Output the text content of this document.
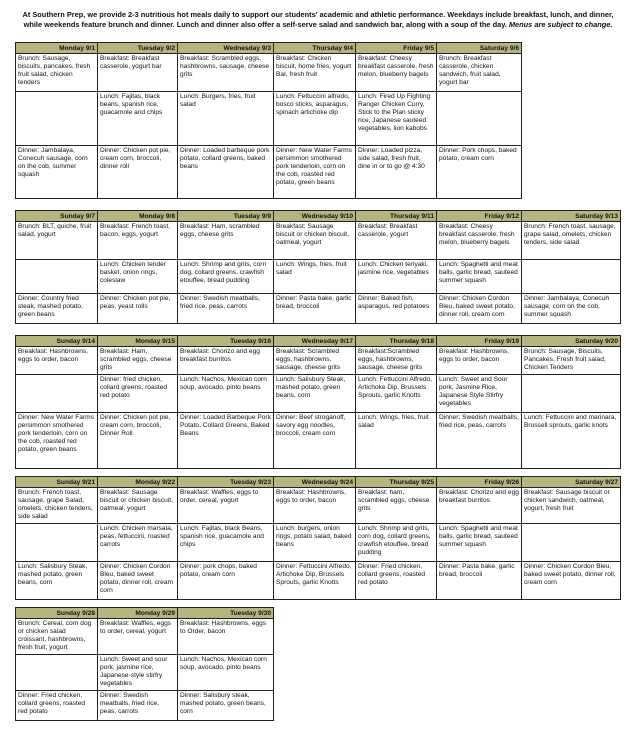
At Southern Prep, we provide 2-3 nutritious hot meals daily to support our students' academic and athletic performance. Weekdays include breakfast, lunch, and dinner, while weekends feature brunch and dinner. Lunch and dinner also offer a self-serve salad and sandwich bar, along with a soup of the day. Menus are subject to change.
Monday 9/1	Tuesday 9/2	Wednesday 9/3	Thursday 9/4	Friday 9/5	Saturday 9/6
Brunch: Sausage, biscuits, pancakes, fresh fruit salad, chicken tenders	Breakfast: Breakfast casserole, yogurt bar	Breakfast: Scrambled eggs, hashbrowns, sausage, cheese grits	Breakfast: Chicken biscuit, home fries, yogurt Bar, fresh fruit	Breakfast: Cheesy breakfast casserole, fresh melon, blueberry bagels	Brunch: Breakfast casserole, chicken sandwich, fruit salad, yogurt bar
	Lunch: Fajitas, black beans, spanish rice, guacamole and chips	Lunch: Burgers, fries, fruit salad	Lunch: Fettuccini alfredo, bosco sticks, asparagus, spinach artichoke dip	Lunch: Fired Up Fighting Ranger Chicken Curry, Stick to the Plan sticky rice, Japanese sauteed vegetables, lion kabobs	
Dinner: Jambalaya, Conecuh sausage, corn on the cob, summer squash	Dinner: Chicken pot pie, cream corn, broccoli, dinner roll	Dinner: Loaded barbeque pork potato, collard greens, baked beans	Dinner: New Water Farms persimmon smothered pork tenderloin, corn on the cob, roasted red potato, green beans	Dinner: Loaded pizza, side salad, fresh fruit, dine in or to go @ 4:30	Dinner: Pork chops, baked potato, cream corn
Sunday 9/7	Monday 9/8	Tuesday 9/9	Wednesday 9/10	Thursday 9/11	Friday 9/12	Saturday 9/13
Brunch: BLT, quiche, fruit salad, yogurt	Breakfast: French toast, bacon, eggs, yogurt	Breakfast: Ham, scrambled eggs, cheese grits	Breakfast: Sausage biscuit or chicken biscuit, oatmeal, yogurt	Breakfast: Breakfast casserole, yogurt	Breakfast: Cheesy breakfast casserole, fresh melon, blueberry bagels	Brunch: French toast, sausage, grape salad, omelets, chicken tenders, side salad
	Lunch: Chicken tender basket, onion rings, coleslaw	Lunch: Shrimp and grits, corn dog, collard greens, crawfish etouffee, bread pudding	Lunch: Wings, fries, fruit salad	Lunch: Chicken teriyaki, jasmine rice, vegetables	Lunch: Spaghetti and meat balls, garlic bread, sauteed summer squash	
Dinner: Country fried steak, mashed potato, green beans	Dinner: Chicken pot pie, peas, yeast rolls	Dinner: Swedish meatballs, fried rice, peas, carrots	Dinner: Pasta bake, garlic bread, broccoli	Dinner: Baked fish, asparagus, red potatoes	Dinner: Chicken Cordon Bleu, baked sweet potato, dinner roll, cream corn	Dinner: Jambalaya, Conecuh sausage, corn on the cob, summer squash
Sunday 9/14	Monday 9/15	Tuesday 9/16	Wednesday 9/17	Thursday 9/18	Friday 9/19	Saturday 9/20
Breakfast: Hashbrowns, eggs to order, bacon	Breakfast: Ham, scrambled eggs, cheese grits	Breakfast: Chorizo and egg breakfast burritos	Breakfast: Scrambled eggs, hashbrowns, sausage, cheese grits	Breakfast:Scrambled eggs, hashbrowns, sausage, cheese grits	Breakfast: Hashbrowns, eggs to order, bacon	Brunch: Sausage, Biscuits, Pancakes. Fresh fruit salad, Chicken Tenders
	Dinner: fried chicken, collard greens, roasted red potato	Lunch: Nachos, Mexican corn soup, avocado, pinto beans	Lunch: Salisbury Steak, mashed potato, green beans, corn	Lunch: Fettuccini Alfredo, Artichoke Dip, Brussels Sprouts, garlic Knotts	Lunch: Sweet and Sour pork, Jasmine Rice, Japanese Style Stirfry vegetables	
Dinner: New Water Farms persimmon smothered pork tenderloin, corn on the cob, roasted red potato, green beans	Dinner: Chicken pot pie, cream corn, broccoli, Dinner Roll	Dinner: Loaded Barbeque Pork Potato, Collard Greens, Baked Beans	Dinner: Beef stroganoff, savory egg noodles, broccoli, cream corn	Lunch: Wings, fries, fruit salad	Dinner: Swedish meatballs, fried rice, peas, carrots	Lunch: Fettuccini and marinara, Brussell sprouts, garlic knots
Sunday 9/21	Monday 9/22	Tuesday 9/23	Wednesday 9/24	Thursday 9/25	Friday 9/26	Saturday 9/27
Brunch: French toast, sausage, grape Salad, omelets, chicken tenders, side salad	Breakfast: Sausage biscuit or chicken biscuit, oatmeal, yogurt	Breakfast: Waffles, eggs to order, cereal, yogurt	Breakfast: Hashbrowns, eggs to order, bacon	Breakfast: ham, scrambled eggs, cheese grits	Breakfast: Chorizo and egg breakfast burritos	Breakfast: Sausage biscuit or chicken sandwich, oatmeal, yogurt, fresh fruit
	Lunch: Chicken marsala, peas, fettuccini, roasted carrots	Lunch: Fajitas, black Beans, spanish rice, guacamole and chips	Lunch: burgers, onion rings, potato salad, baked beans	Lunch: Shrimp and grits, corn dog, collard greens, crawfish etouffee, bread pudding	Lunch: Spaghetti and meat balls, garlic bread, sauteed summer squash	
Lunch: Salisbury Steak, mashed potato, green beans, corn	Dinner: Chicken Cordon Bleu, baked sweet potato, dinner roll, cream corn	Dinner: pork chops, baked potato, cream corn	Dinner: Fettuccini Alfredo, Artichoke Dip, Brussels Sprouts, garlic Knotts	Dinner: Fried chicken, collard greens, roasted red potato	Dinner: Pasta bake, garlic bread, broccoli	Dinner: Chicken Cordon Bleu, baked sweet potato, dinner roll, cream corn
Sunday 9/28	Monday 9/29	Tuesday 9/30
Brunch: Cereal, corn dog or chicken salad croissant, hashbrowns, fresh fruit, yogurt	Breakfast: Waffles, eggs to order, cereal, yogurt	Breakfast: Hashbrowns, eggs to Order, bacon
	Lunch: Sweet and sour pork, jasmine rice, Japanese-style stirfry vegetables	Lunch: Nachos, Mexican corn soup, avocado, pinto beans
Dinner: Fried chicken, collard greens, roasted red potato	Dinner: Swedish meatballs, fried rice, peas, carrots	Dinner: Salisbury steak, mashed potato, green beans, corn
